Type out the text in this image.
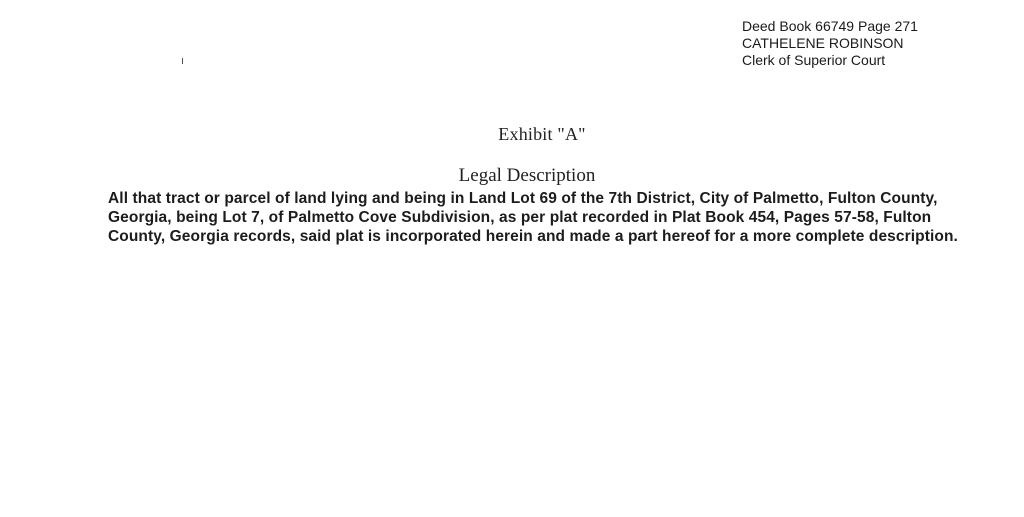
Deed Book 66749 Page 271
CATHELENE ROBINSON
Clerk of Superior Court
Exhibit "A"
Legal Description
All that tract or parcel of land lying and being in Land Lot 69 of the 7th District, City of Palmetto, Fulton County, Georgia, being Lot 7, of Palmetto Cove Subdivision, as per plat recorded in Plat Book 454, Pages 57-58, Fulton County, Georgia records, said plat is incorporated herein and made a part hereof for a more complete description.
